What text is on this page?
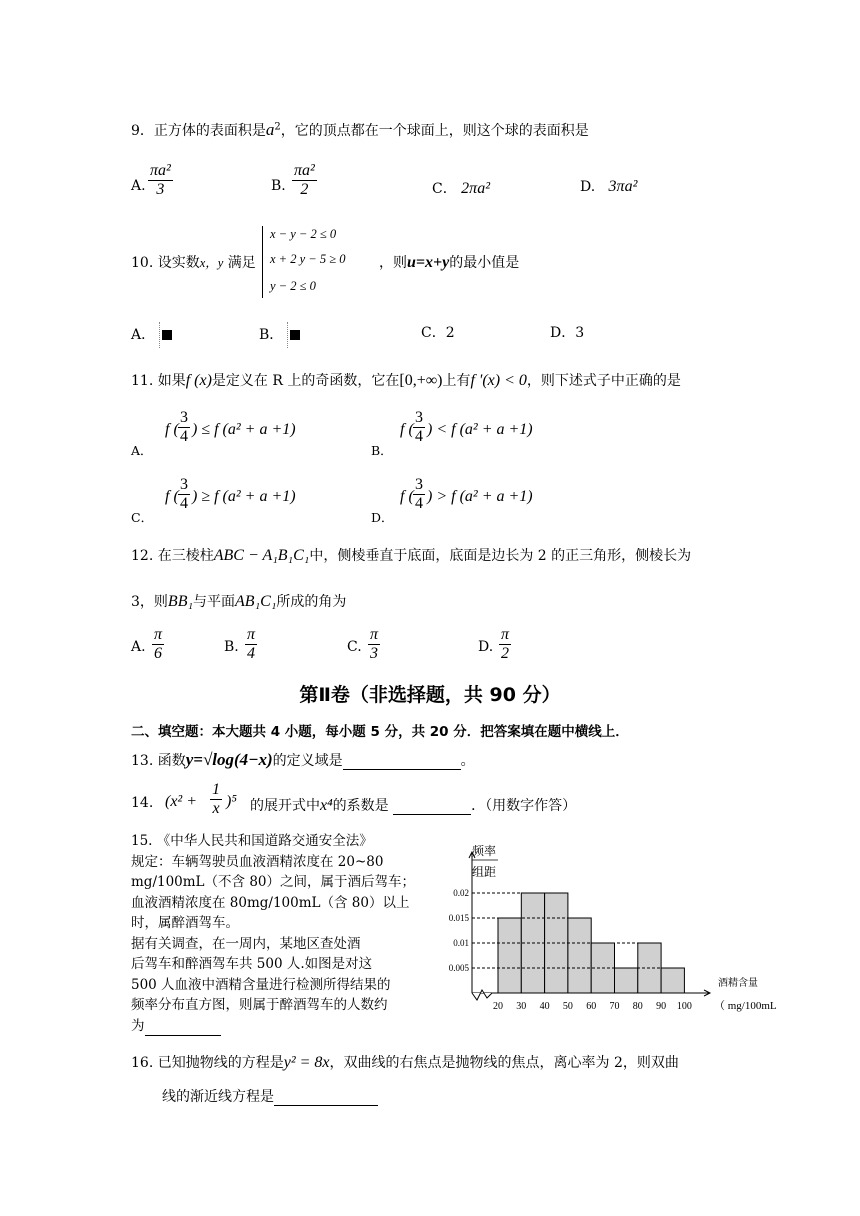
9．正方体的表面积是$a^2$，它的顶点都在一个球面上，则这个球的表面积是
A. $\frac{\text{πa²}}{3}$	B. $\frac{\text{πa²}}{2}$	C． 2πa²	D. 3πa²
10. 设实数x，y 满足
x − y − 2 ≤ 0
x + 2 y − 5 ≥ 0
y − 2 ≤ 0
，则u=x+y的最小值是
A．	B．	C．2	D．3
11. 如果f (x)是定义在 R 上的奇函数，它在[0,+∞)上有f '(x) < 0，则下述式子中正确的是
A．
f ( $\frac{3}{4}$ ) ≤ f (a² + a +1)
B．
f ( $\frac{3}{4}$ ) < f (a² + a +1)
C．
f ( $\frac{3}{4}$ ) ≥ f (a² + a +1)
D．
f ( $\frac{3}{4}$ ) > f (a² + a +1)
12. 在三棱柱ABC − A₁B₁C₁中，侧棱垂直于底面，底面是边长为 2 的正三角形，侧棱长为
3，则BB₁与平面AB₁C₁所成的角为
A. $\frac{\pi}{6}$	B. $\frac{\pi}{4}$	C. $\frac{\pi}{3}$	D. $\frac{\pi}{2}$
第Ⅱ卷（非选择题，共 90 分）
二、填空题：本大题共 4 小题，每小题 5 分，共 20 分．把答案填在题中横线上．
13. 函数y=√log(4−x)的定义域是	。
14. $(x^2 + \frac{1}{x} )^5$ 的展开式中x⁴的系数是	．（用数字作答）
15. 《中华人民共和国道路交通安全法》
规定：车辆驾驶员血液酒精浓度在 20~80
mg/100mL（不含 80）之间，属于酒后驾车；
血液酒精浓度在 80mg/100mL（含 80）以上
时，属醉酒驾车。
据有关调查，在一周内，某地区查处酒
后驾车和醉酒驾车共 500 人.如图是对这
500 人血液中酒精含量进行检测所得结果的
频率分布直方图，则属于醉酒驾车的人数约
为
0.005
0.01
0.015
0.02
20 30 40 50 60 70 80 90 100
频率
组距
酒精含量
（ mg/100mL
16. 已知抛物线的方程是y² = 8x，双曲线的右焦点是抛物线的焦点，离心率为 2，则双曲
线的渐近线方程是
